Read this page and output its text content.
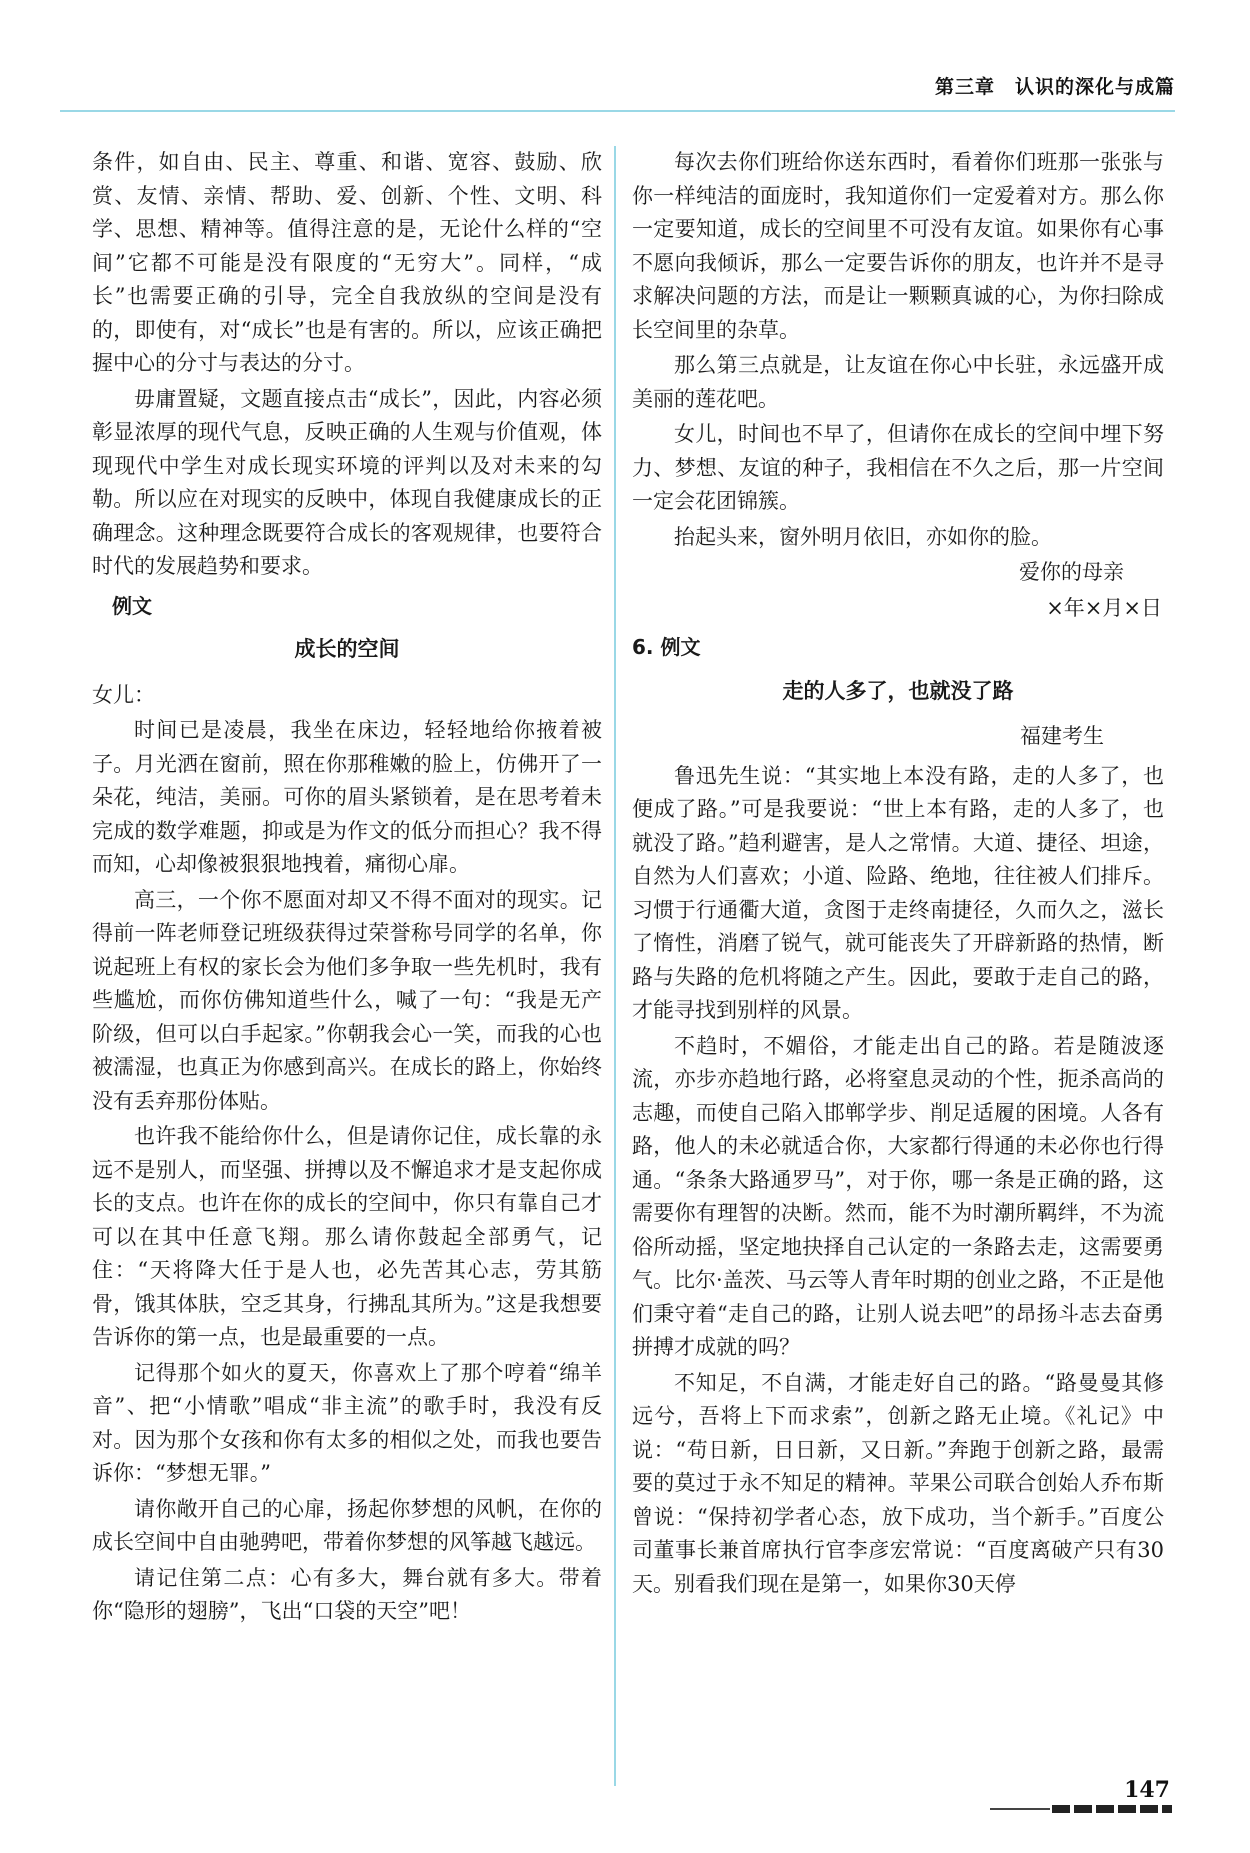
第三章　认识的深化与成篇

条件，如自由、民主、尊重、和谐、宽容、鼓励、欣赏、友情、亲情、帮助、爱、创新、个性、文明、科学、思想、精神等。值得注意的是，无论什么样的“空间”它都不可能是没有限度的“无穷大”。同样，“成长”也需要正确的引导，完全自我放纵的空间是没有的，即使有，对“成长”也是有害的。所以，应该正确把握中心的分寸与表达的分寸。

毋庸置疑，文题直接点击“成长”，因此，内容必须彰显浓厚的现代气息，反映正确的人生观与价值观，体现现代中学生对成长现实环境的评判以及对未来的勾勒。所以应在对现实的反映中，体现自我健康成长的正确理念。这种理念既要符合成长的客观规律，也要符合时代的发展趋势和要求。

例文
成长的空间

女儿：

时间已是凌晨，我坐在床边，轻轻地给你掖着被子。月光洒在窗前，照在你那稚嫩的脸上，仿佛开了一朵花，纯洁，美丽。可你的眉头紧锁着，是在思考着未完成的数学难题，抑或是为作文的低分而担心？我不得而知，心却像被狠狠地拽着，痛彻心扉。

高三，一个你不愿面对却又不得不面对的现实。记得前一阵老师登记班级获得过荣誉称号同学的名单，你说起班上有权的家长会为他们多争取一些先机时，我有些尴尬，而你仿佛知道些什么，喊了一句：“我是无产阶级，但可以白手起家。”你朝我会心一笑，而我的心也被濡湿，也真正为你感到高兴。在成长的路上，你始终没有丢弃那份体贴。

也许我不能给你什么，但是请你记住，成长靠的永远不是别人，而坚强、拼搏以及不懈追求才是支起你成长的支点。也许在你的成长的空间中，你只有靠自己才可以在其中任意飞翔。那么请你鼓起全部勇气，记住：“天将降大任于是人也，必先苦其心志，劳其筋骨，饿其体肤，空乏其身，行拂乱其所为。”这是我想要告诉你的第一点，也是最重要的一点。

记得那个如火的夏天，你喜欢上了那个哼着“绵羊音”、把“小情歌”唱成“非主流”的歌手时，我没有反对。因为那个女孩和你有太多的相似之处，而我也要告诉你：“梦想无罪。”

请你敞开自己的心扉，扬起你梦想的风帆，在你的成长空间中自由驰骋吧，带着你梦想的风筝越飞越远。

请记住第二点：心有多大，舞台就有多大。带着你“隐形的翅膀”，飞出“口袋的天空”吧！

每次去你们班给你送东西时，看着你们班那一张张与你一样纯洁的面庞时，我知道你们一定爱着对方。那么你一定要知道，成长的空间里不可没有友谊。如果你有心事不愿向我倾诉，那么一定要告诉你的朋友，也许并不是寻求解决问题的方法，而是让一颗颗真诚的心，为你扫除成长空间里的杂草。

那么第三点就是，让友谊在你心中长驻，永远盛开成美丽的莲花吧。

女儿，时间也不早了，但请你在成长的空间中埋下努力、梦想、友谊的种子，我相信在不久之后，那一片空间一定会花团锦簇。

抬起头来，窗外明月依旧，亦如你的脸。

爱你的母亲

×年×月×日

6. 例文
走的人多了，也就没了路
福建考生

鲁迅先生说：“其实地上本没有路，走的人多了，也便成了路。”可是我要说：“世上本有路，走的人多了，也就没了路。”趋利避害，是人之常情。大道、捷径、坦途，自然为人们喜欢；小道、险路、绝地，往往被人们排斥。习惯于行通衢大道，贪图于走终南捷径，久而久之，滋长了惰性，消磨了锐气，就可能丧失了开辟新路的热情，断路与失路的危机将随之产生。因此，要敢于走自己的路，才能寻找到别样的风景。

不趋时，不媚俗，才能走出自己的路。若是随波逐流，亦步亦趋地行路，必将窒息灵动的个性，扼杀高尚的志趣，而使自己陷入邯郸学步、削足适履的困境。人各有路，他人的未必就适合你，大家都行得通的未必你也行得通。“条条大路通罗马”，对于你，哪一条是正确的路，这需要你有理智的决断。然而，能不为时潮所羁绊，不为流俗所动摇，坚定地抉择自己认定的一条路去走，这需要勇气。比尔·盖茨、马云等人青年时期的创业之路，不正是他们秉守着“走自己的路，让别人说去吧”的昂扬斗志去奋勇拼搏才成就的吗？

不知足，不自满，才能走好自己的路。“路曼曼其修远兮，吾将上下而求索”，创新之路无止境。《礼记》中说：“苟日新，日日新，又日新。”奔跑于创新之路，最需要的莫过于永不知足的精神。苹果公司联合创始人乔布斯曾说：“保持初学者心态，放下成功，当个新手。”百度公司董事长兼首席执行官李彦宏常说：“百度离破产只有30天。别看我们现在是第一，如果你30天停

147
